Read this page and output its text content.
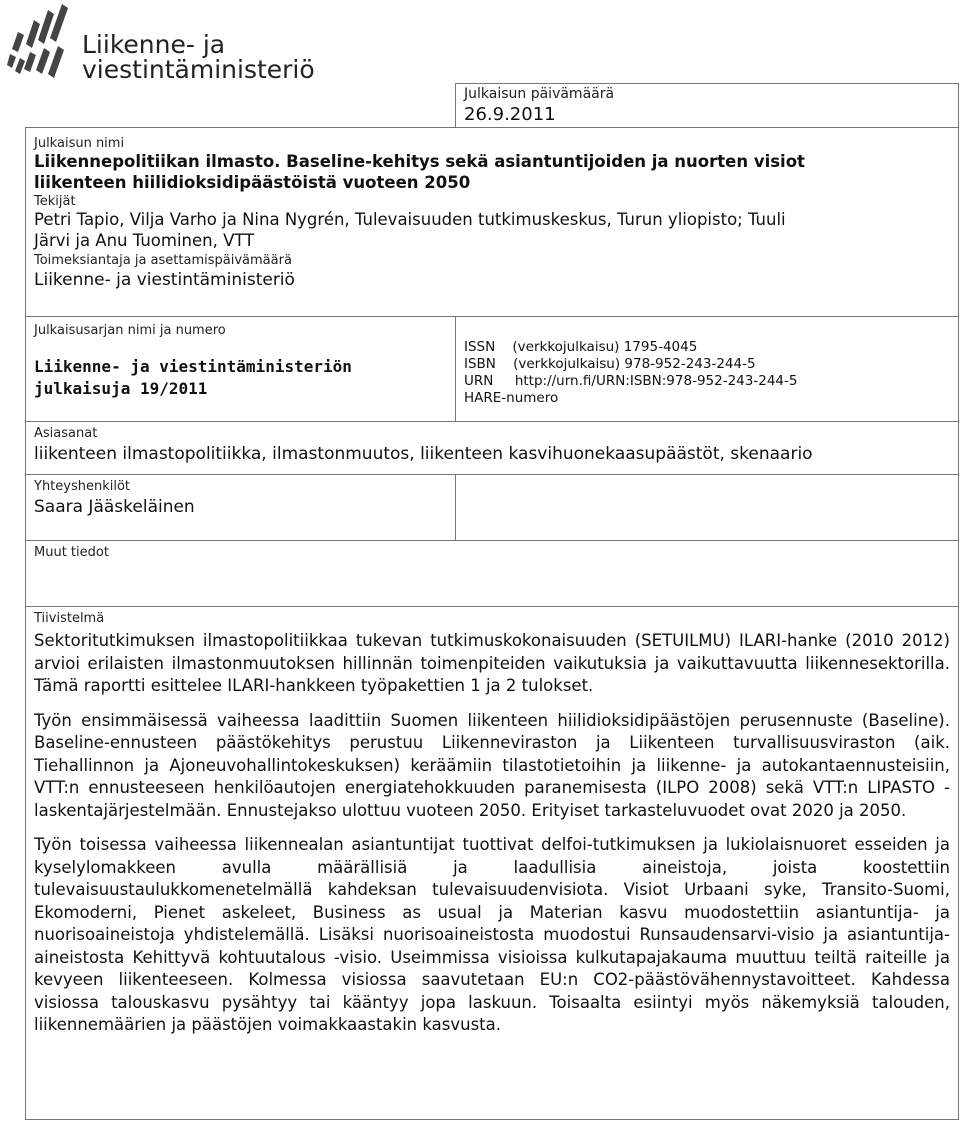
Liikenne- ja
viestintäministeriö
Julkaisun päivämäärä
26.9.2011
Julkaisun nimi
Liikennepolitiikan ilmasto. Baseline-kehitys sekä asiantuntijoiden ja nuorten visiot
liikenteen hiilidioksidipäästöistä vuoteen 2050
Tekijät
Petri Tapio, Vilja Varho ja Nina Nygrén, Tulevaisuuden tutkimuskeskus, Turun yliopisto; Tuuli
Järvi ja Anu Tuominen, VTT
Toimeksiantaja ja asettamispäivämäärä
Liikenne- ja viestintäministeriö
Julkaisusarjan nimi ja numero
Liikenne- ja viestintäministeriön
julkaisuja 19/2011
ISSN    (verkkojulkaisu) 1795-4045
ISBN    (verkkojulkaisu) 978-952-243-244-5
URN     http://urn.fi/URN:ISBN:978-952-243-244-5
HARE-numero
Asiasanat
liikenteen ilmastopolitiikka, ilmastonmuutos, liikenteen kasvihuonekaasupäästöt, skenaario
Yhteyshenkilöt
Saara Jääskeläinen
Muut tiedot
Tiivistelmä

Sektoritutkimuksen ilmastopolitiikkaa tukevan tutkimuskokonaisuuden (SETUILMU) ILARI-hanke (2010 2012) arvioi erilaisten ilmastonmuutoksen hillinnän toimenpiteiden vaikutuksia ja vaikuttavuutta liikennesektorilla. Tämä raportti esittelee ILARI-hankkeen työpakettien 1 ja 2 tulokset.

Työn ensimmäisessä vaiheessa laadittiin Suomen liikenteen hiilidioksidipäästöjen perusennuste (Baseline). Baseline-ennusteen päästökehitys perustuu Liikenneviraston ja Liikenteen turvallisuusviraston (aik. Tiehallinnon ja Ajoneuvohallintokeskuksen) keräämiin tilastotietoihin ja liikenne- ja autokantaennusteisiin, VTT:n ennusteeseen henkilöautojen energiatehokkuuden paranemisesta (ILPO 2008) sekä VTT:n LIPASTO -laskentajärjestelmään. Ennustejakso ulottuu vuoteen 2050. Erityiset tarkasteluvuodet ovat 2020 ja 2050.

Työn toisessa vaiheessa liikennealan asiantuntijat tuottivat delfoi-tutkimuksen ja lukiolaisnuoret esseiden ja kyselylomakkeen avulla määrällisiä ja laadullisia aineistoja, joista koostettiin tulevaisuustaulukkomenetelmällä kahdeksan tulevaisuudenvisiota. Visiot Urbaani syke, Transito-Suomi, Ekomoderni, Pienet askeleet, Business as usual ja Materian kasvu muodostettiin asiantuntija- ja nuorisoaineistoja yhdistelemällä. Lisäksi nuorisoaineistosta muodostui Runsaudensarvi-visio ja asiantuntija-aineistosta Kehittyvä kohtuutalous -visio. Useimmissa visioissa kulkutapajakauma muuttuu teiltä raiteille ja kevyeen liikenteeseen. Kolmessa visiossa saavutetaan EU:n CO2-päästövähennystavoitteet. Kahdessa visiossa talouskasvu pysähtyy tai kääntyy jopa laskuun. Toisaalta esiintyi myös näkemyksiä talouden, liikennemäärien ja päästöjen voimakkaastakin kasvusta.
